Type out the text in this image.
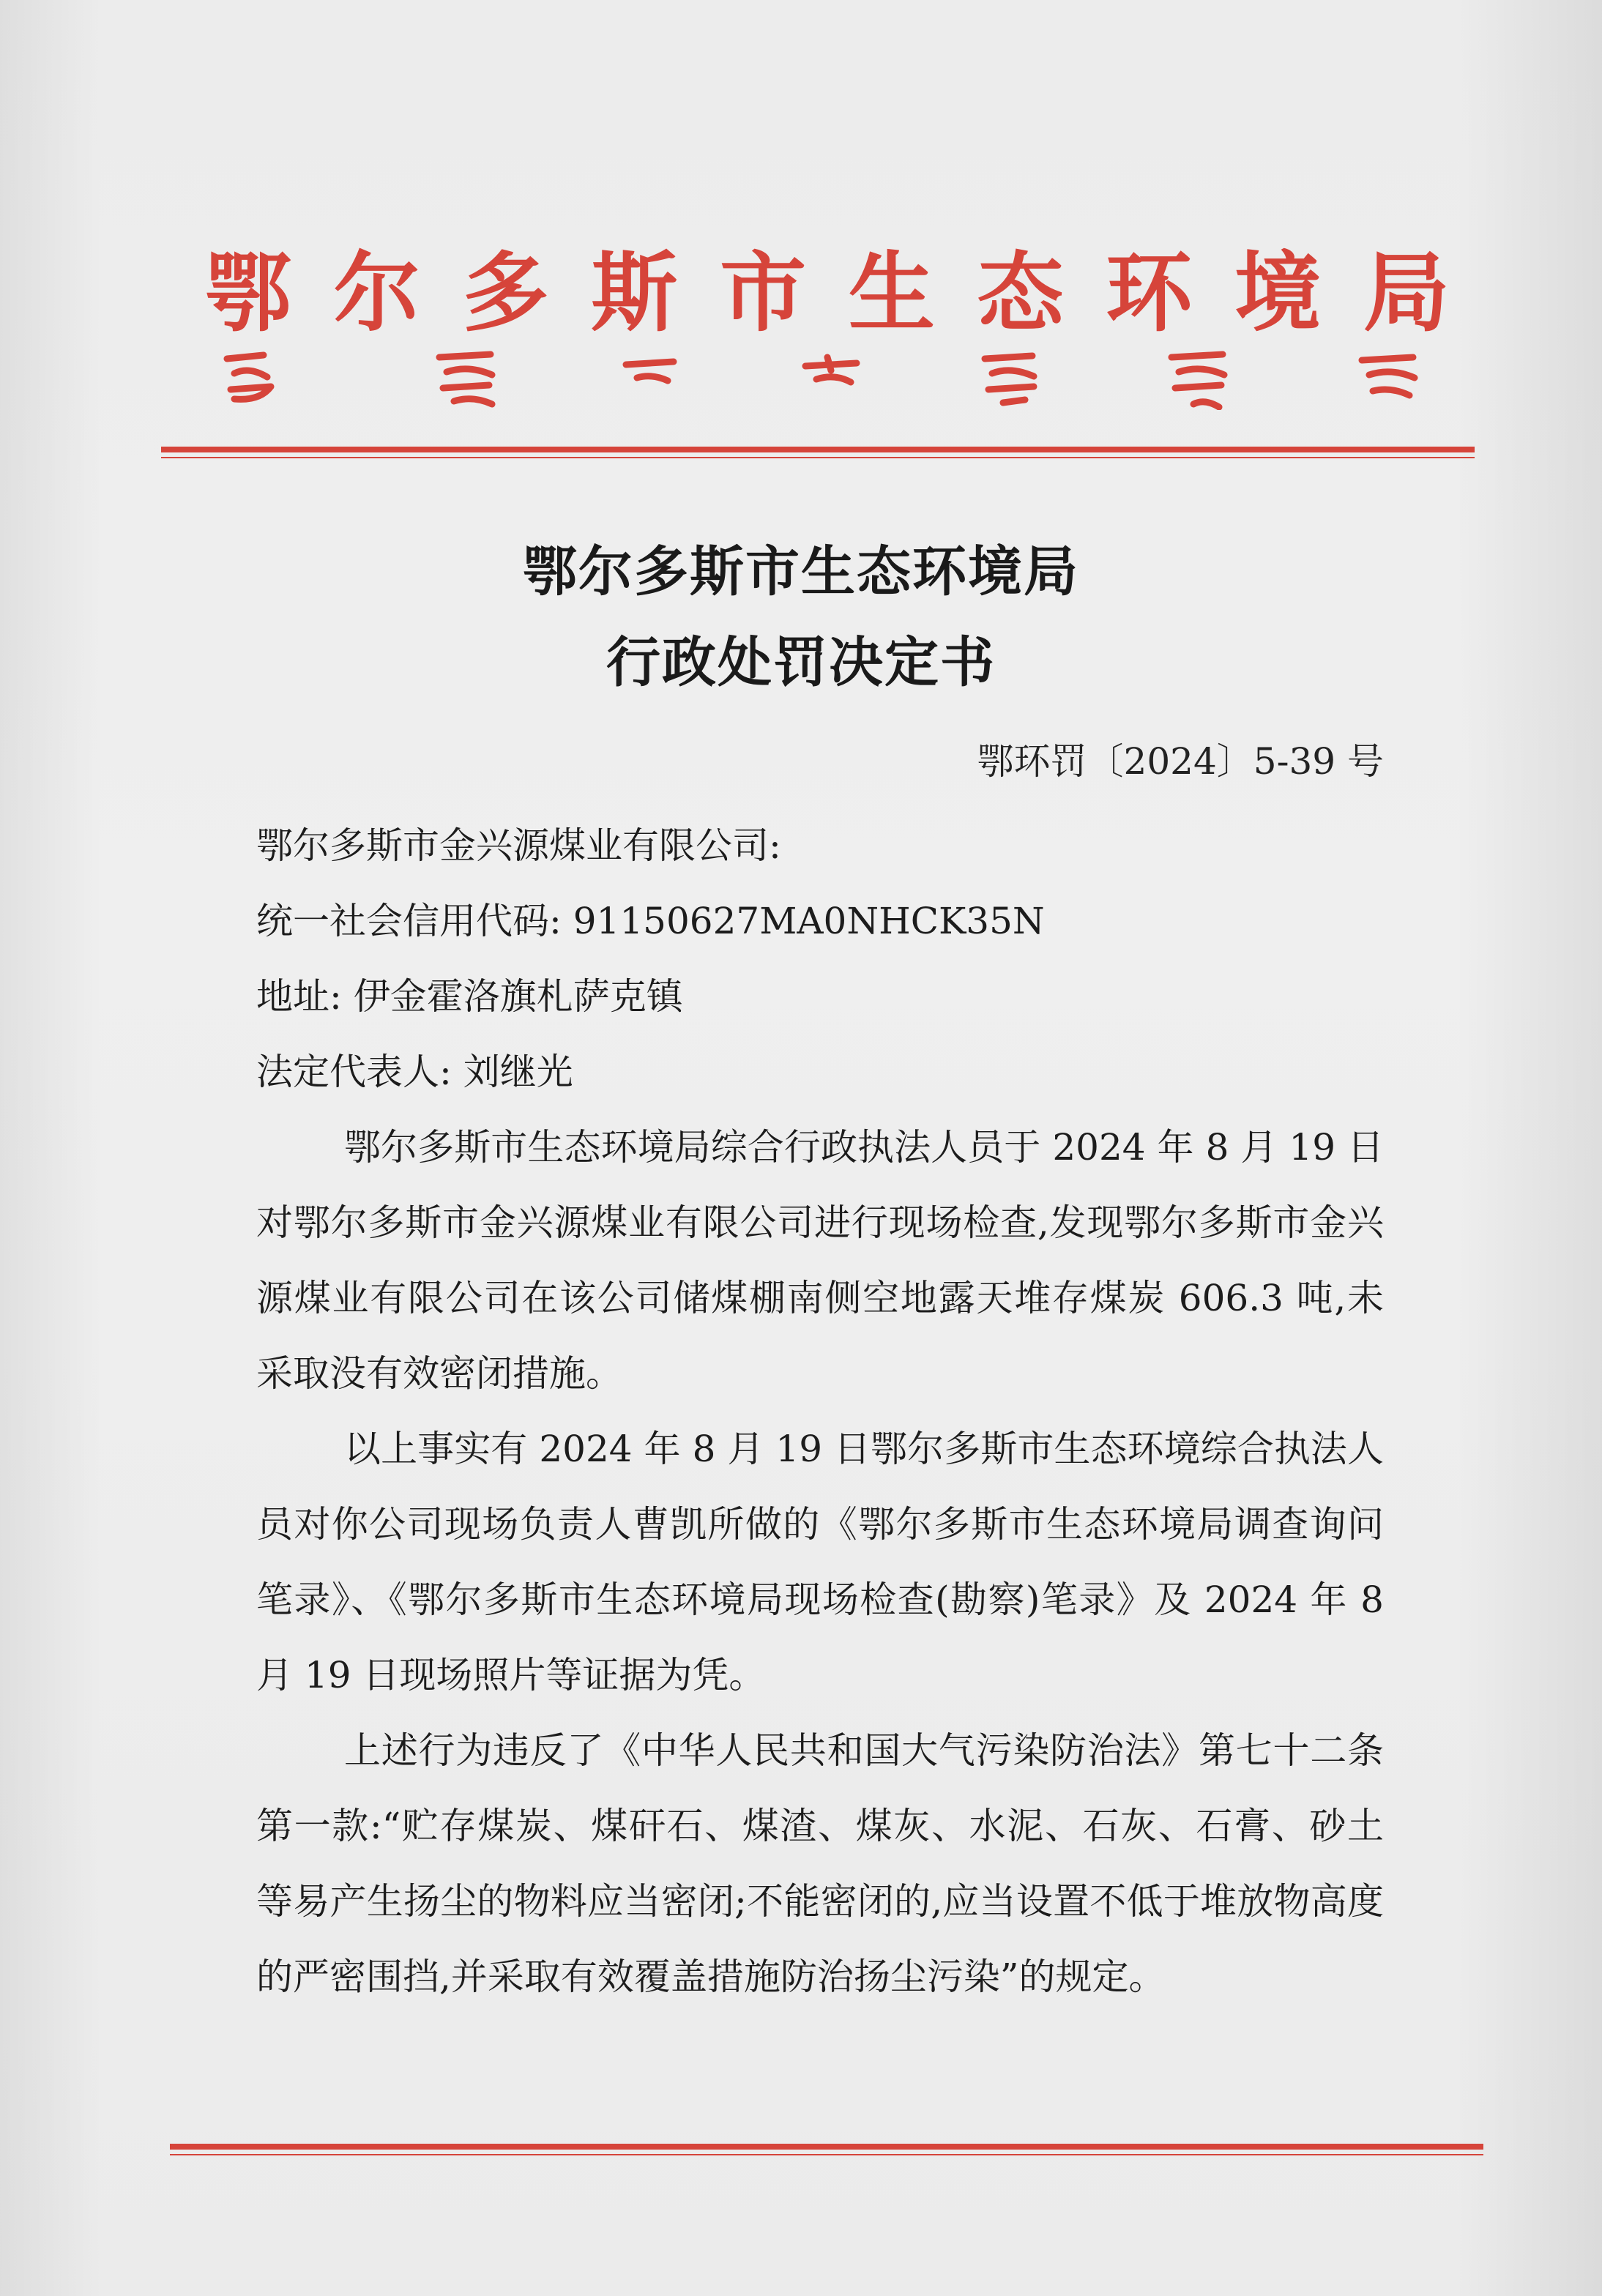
鄂 尔 多 斯 市 生 态 环 境 局
鄂尔多斯市生态环境局
行政处罚决定书
鄂环罚〔2024〕5-39 号
鄂尔多斯市金兴源煤业有限公司:
统一社会信用代码: 91150627MA0NHCK35N
地址: 伊金霍洛旗札萨克镇
法定代表人: 刘继光
鄂尔多斯市生态环境局综合行政执法人员于 2024 年 8 月 19 日对鄂尔多斯市金兴源煤业有限公司进行现场检查,发现鄂尔多斯市金兴源煤业有限公司在该公司储煤棚南侧空地露天堆存煤炭 606.3 吨,未采取没有效密闭措施。
以上事实有 2024 年 8 月 19 日鄂尔多斯市生态环境综合执法人员对你公司现场负责人曹凯所做的《鄂尔多斯市生态环境局调查询问笔录》、《鄂尔多斯市生态环境局现场检查(勘察)笔录》及 2024 年 8 月 19 日现场照片等证据为凭。
上述行为违反了《中华人民共和国大气污染防治法》第七十二条第一款:“贮存煤炭、煤矸石、煤渣、煤灰、水泥、石灰、石膏、砂土等易产生扬尘的物料应当密闭;不能密闭的,应当设置不低于堆放物高度的严密围挡,并采取有效覆盖措施防治扬尘污染”的规定。
